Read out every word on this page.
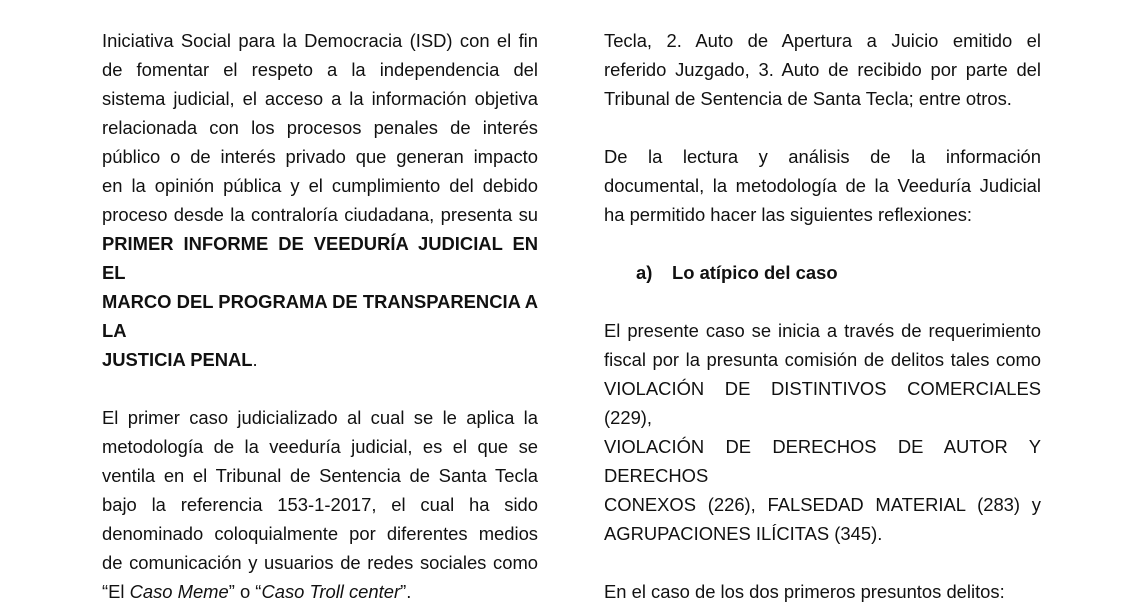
Iniciativa Social para la Democracia (ISD) con el fin

de fomentar el respeto a la independencia del

sistema judicial, el acceso a la información objetiva

relacionada con los procesos penales de interés

público o de interés privado que generan impacto

en la opinión pública y el cumplimiento del debido

proceso desde la contraloría ciudadana, presenta su

PRIMER INFORME DE VEEDURÍA JUDICIAL EN EL

MARCO DEL PROGRAMA DE TRANSPARENCIA A LA

JUSTICIA PENAL.

El primer caso judicializado al cual se le aplica la

metodología de la veeduría judicial, es el que se

ventila en el Tribunal de Sentencia de Santa Tecla

bajo la referencia 153-1-2017, el cual ha sido

denominado coloquialmente por diferentes medios

de comunicación y usuarios de redes sociales como

“El Caso Meme” o “Caso Troll center”.

Tecla, 2. Auto de Apertura a Juicio emitido el

referido Juzgado, 3. Auto de recibido por parte del

Tribunal de Sentencia de Santa Tecla; entre otros.

De la lectura y análisis de la información

documental, la metodología de la Veeduría Judicial

ha permitido hacer las siguientes reflexiones:

a) Lo atípico del caso

El presente caso se inicia a través de requerimiento

fiscal por la presunta comisión de delitos tales como

VIOLACIÓN DE DISTINTIVOS COMERCIALES (229),

VIOLACIÓN DE DERECHOS DE AUTOR Y DERECHOS

CONEXOS (226), FALSEDAD MATERIAL (283) y

AGRUPACIONES ILÍCITAS (345).

En el caso de los dos primeros presuntos delitos:
